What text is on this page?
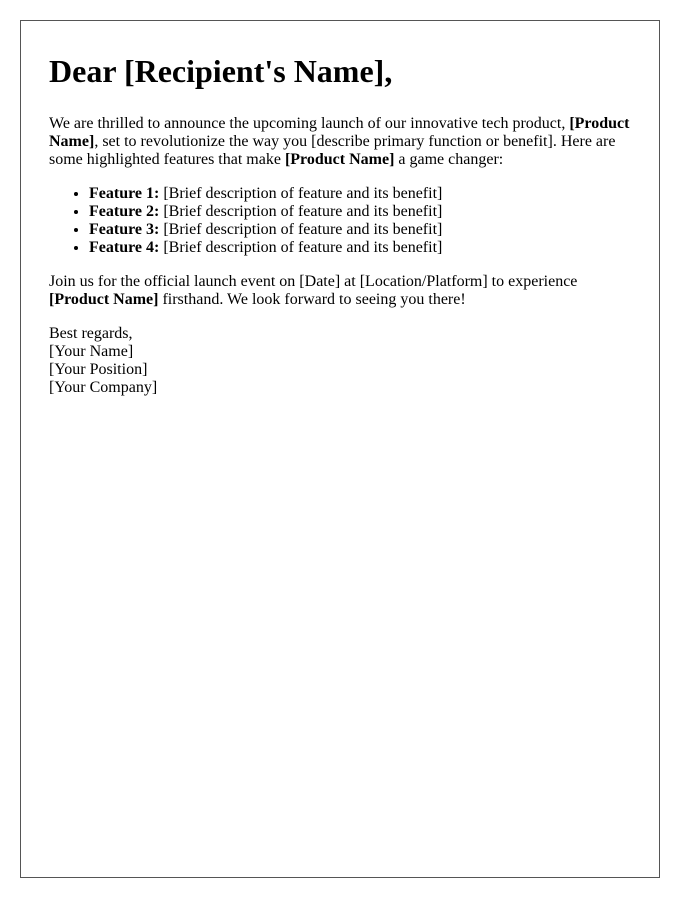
Dear [Recipient's Name],

We are thrilled to announce the upcoming launch of our innovative tech product, [Product Name], set to revolutionize the way you [describe primary function or benefit]. Here are some highlighted features that make [Product Name] a game changer:

• Feature 1: [Brief description of feature and its benefit]
• Feature 2: [Brief description of feature and its benefit]
• Feature 3: [Brief description of feature and its benefit]
• Feature 4: [Brief description of feature and its benefit]

Join us for the official launch event on [Date] at [Location/Platform] to experience [Product Name] firsthand. We look forward to seeing you there!

Best regards,
[Your Name]
[Your Position]
[Your Company]
